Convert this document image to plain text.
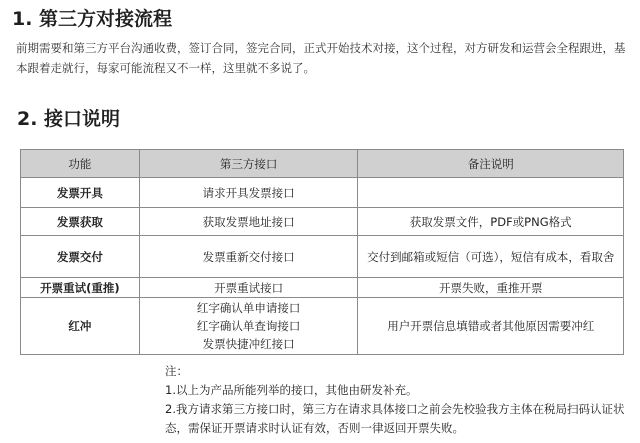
1. 第三方对接流程

前期需要和第三方平台沟通收费，签订合同，签完合同，正式开始技术对接，这个过程，对方研发和运营会全程跟进，基本跟着走就行，每家可能流程又不一样，这里就不多说了。

2. 接口说明
功能	第三方接口	备注说明
发票开具	请求开具发票接口	
发票获取	获取发票地址接口	获取发票文件，PDF或PNG格式
发票交付	发票重新交付接口	交付到邮箱或短信（可选），短信有成本，看取舍
开票重试(重推)	开票重试接口	开票失败，重推开票
红冲	红字确认单申请接口
红字确认单查询接口
发票快捷冲红接口	用户开票信息填错或者其他原因需要冲红

注：

1.以上为产品所能列举的接口，其他由研发补充。

2.我方请求第三方接口时，第三方在请求具体接口之前会先校验我方主体在税局扫码认证状态，需保证开票请求时认证有效，否则一律返回开票失败。
